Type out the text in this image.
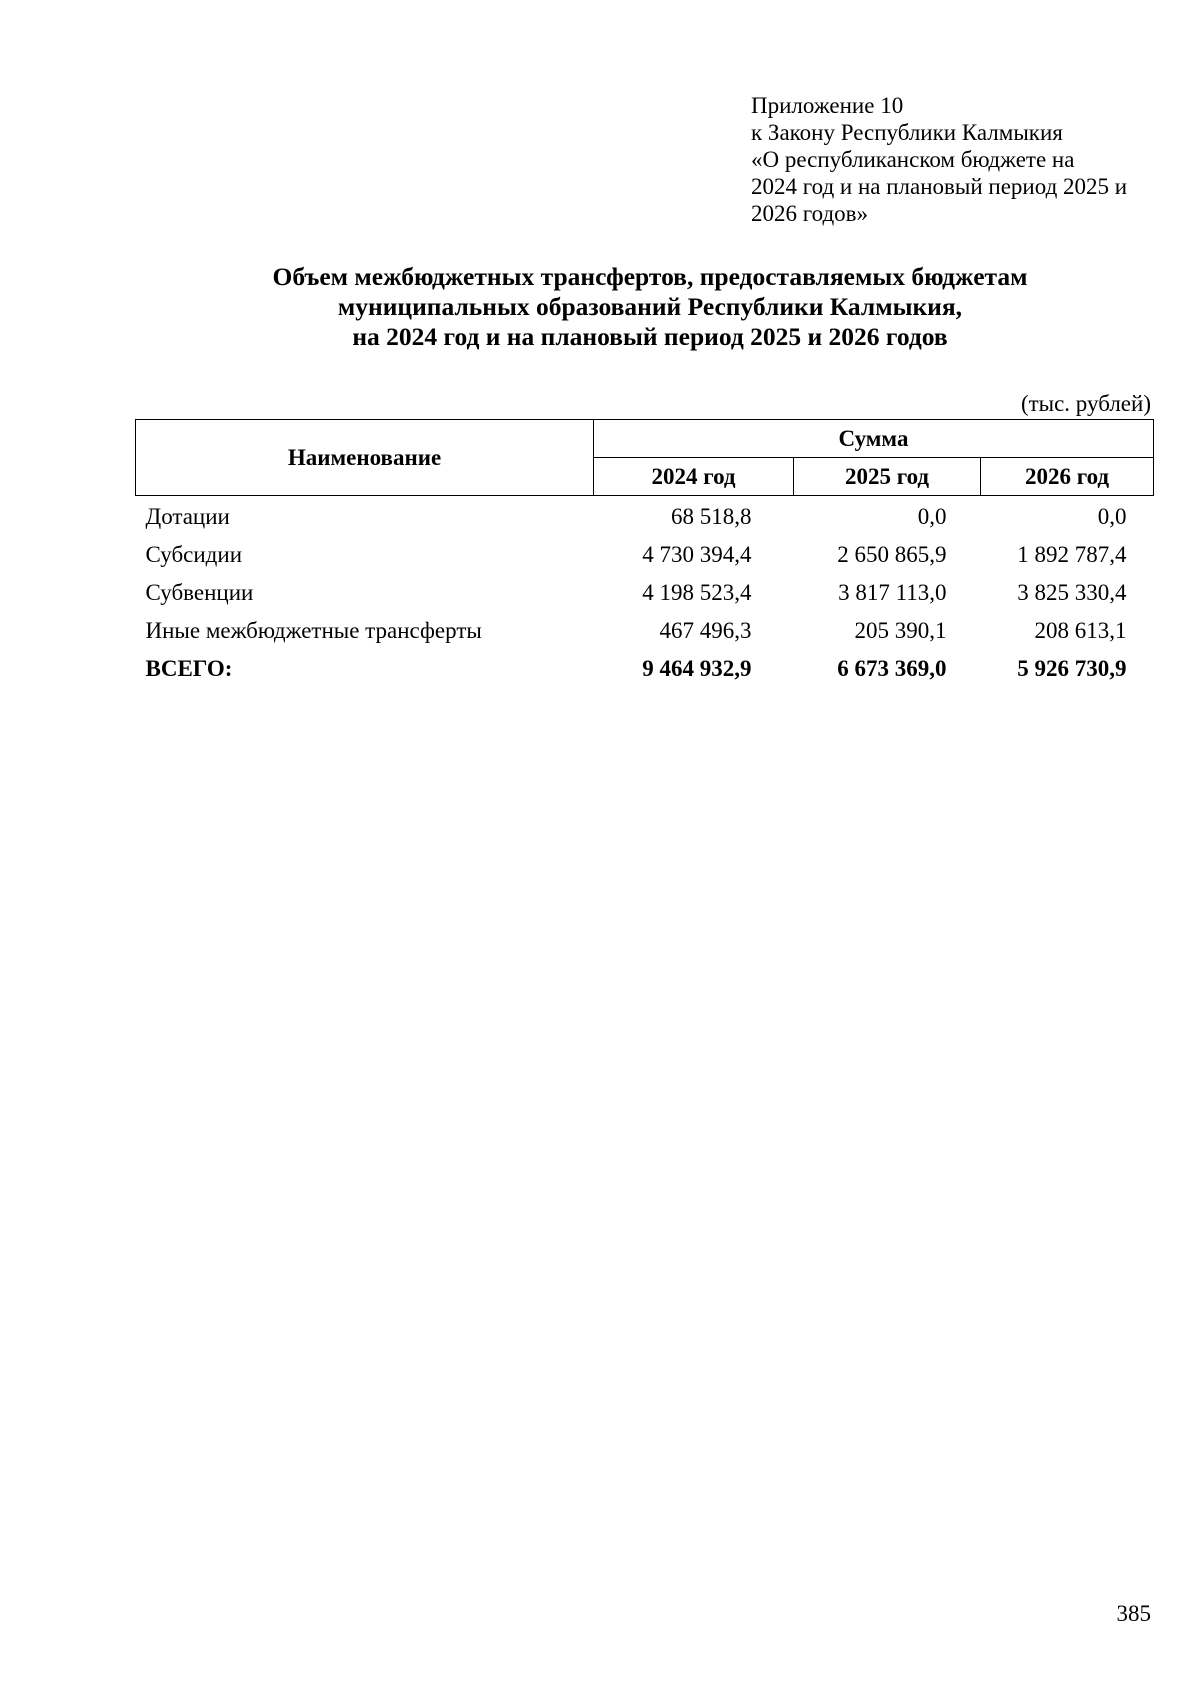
Приложение 10
к Закону Республики Калмыкия
«О республиканском бюджете на
2024 год и на плановый период 2025 и
2026 годов»
Объем межбюджетных трансфертов, предоставляемых бюджетам
муниципальных образований Республики Калмыкия,
на 2024 год и на плановый период 2025 и 2026 годов
(тыс. рублей)
Наименование	Сумма		
	2024 год	2025 год	2026 год
Дотации	68 518,8	0,0	0,0
Субсидии	4 730 394,4	2 650 865,9	1 892 787,4
Субвенции	4 198 523,4	3 817 113,0	3 825 330,4
Иные межбюджетные трансферты	467 496,3	205 390,1	208 613,1
ВСЕГО:	9 464 932,9	6 673 369,0	5 926 730,9
385
